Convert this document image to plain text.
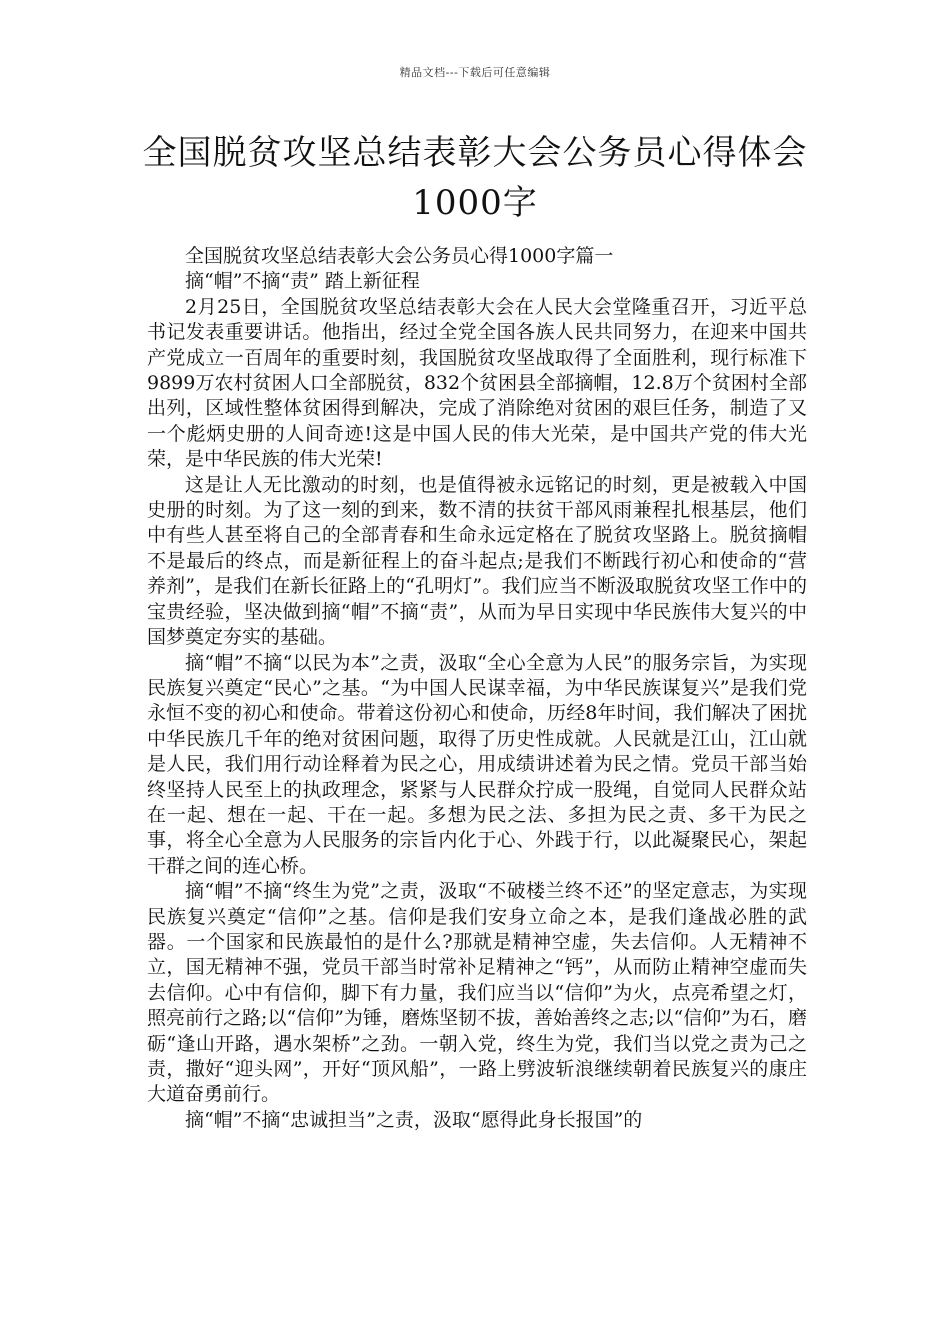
精品文档---下载后可任意编辑
全国脱贫攻坚总结表彰大会公务员心得体会1000字

全国脱贫攻坚总结表彰大会公务员心得1000字篇一

摘“帽”不摘“责” 踏上新征程

2月25日，全国脱贫攻坚总结表彰大会在人民大会堂隆重召开，习近平总书记发表重要讲话。他指出，经过全党全国各族人民共同努力，在迎来中国共产党成立一百周年的重要时刻，我国脱贫攻坚战取得了全面胜利，现行标准下9899万农村贫困人口全部脱贫，832个贫困县全部摘帽，12.8万个贫困村全部出列，区域性整体贫困得到解决，完成了消除绝对贫困的艰巨任务，制造了又一个彪炳史册的人间奇迹!这是中国人民的伟大光荣，是中国共产党的伟大光荣，是中华民族的伟大光荣!

这是让人无比激动的时刻，也是值得被永远铭记的时刻，更是被载入中国史册的时刻。为了这一刻的到来，数不清的扶贫干部风雨兼程扎根基层，他们中有些人甚至将自己的全部青春和生命永远定格在了脱贫攻坚路上。脱贫摘帽不是最后的终点，而是新征程上的奋斗起点;是我们不断践行初心和使命的“营养剂”，是我们在新长征路上的“孔明灯”。我们应当不断汲取脱贫攻坚工作中的宝贵经验，坚决做到摘“帽”不摘“责”，从而为早日实现中华民族伟大复兴的中国梦奠定夯实的基础。

摘“帽”不摘“以民为本”之责，汲取“全心全意为人民”的服务宗旨，为实现民族复兴奠定“民心”之基。“为中国人民谋幸福，为中华民族谋复兴”是我们党永恒不变的初心和使命。带着这份初心和使命，历经8年时间，我们解决了困扰中华民族几千年的绝对贫困问题，取得了历史性成就。人民就是江山，江山就是人民，我们用行动诠释着为民之心，用成绩讲述着为民之情。党员干部当始终坚持人民至上的执政理念，紧紧与人民群众拧成一股绳，自觉同人民群众站在一起、想在一起、干在一起。多想为民之法、多担为民之责、多干为民之事，将全心全意为人民服务的宗旨内化于心、外践于行，以此凝聚民心，架起干群之间的连心桥。

摘“帽”不摘“终生为党”之责，汲取“不破楼兰终不还”的坚定意志，为实现民族复兴奠定“信仰”之基。信仰是我们安身立命之本，是我们逢战必胜的武器。一个国家和民族最怕的是什么?那就是精神空虚，失去信仰。人无精神不立，国无精神不强，党员干部当时常补足精神之“钙”，从而防止精神空虚而失去信仰。心中有信仰，脚下有力量，我们应当以“信仰”为火，点亮希望之灯，照亮前行之路;以“信仰”为锤，磨炼坚韧不拔，善始善终之志;以“信仰”为石，磨砺“逢山开路，遇水架桥”之劲。一朝入党，终生为党，我们当以党之责为己之责，撒好“迎头网”，开好“顶风船”，一路上劈波斩浪继续朝着民族复兴的康庄大道奋勇前行。

摘“帽”不摘“忠诚担当”之责，汲取“愿得此身长报国”的
